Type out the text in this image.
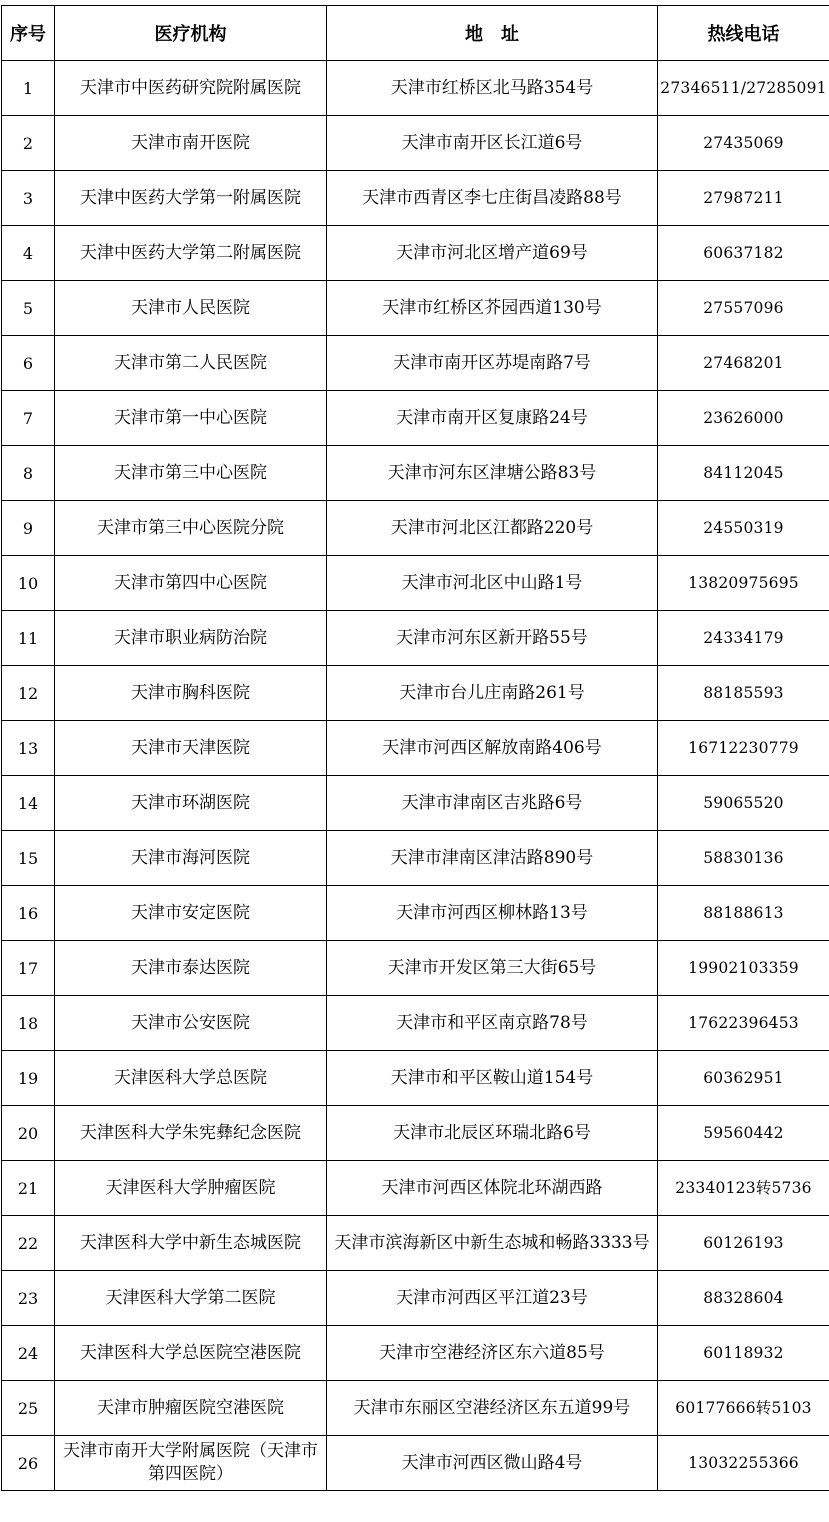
序号	医疗机构	地　址	热线电话
1	天津市中医药研究院附属医院	天津市红桥区北马路354号	27346511/27285091
2	天津市南开医院	天津市南开区长江道6号	27435069
3	天津中医药大学第一附属医院	天津市西青区李七庄街昌凌路88号	27987211
4	天津中医药大学第二附属医院	天津市河北区增产道69号	60637182
5	天津市人民医院	天津市红桥区芥园西道130号	27557096
6	天津市第二人民医院	天津市南开区苏堤南路7号	27468201
7	天津市第一中心医院	天津市南开区复康路24号	23626000
8	天津市第三中心医院	天津市河东区津塘公路83号	84112045
9	天津市第三中心医院分院	天津市河北区江都路220号	24550319
10	天津市第四中心医院	天津市河北区中山路1号	13820975695
11	天津市职业病防治院	天津市河东区新开路55号	24334179
12	天津市胸科医院	天津市台儿庄南路261号	88185593
13	天津市天津医院	天津市河西区解放南路406号	16712230779
14	天津市环湖医院	天津市津南区吉兆路6号	59065520
15	天津市海河医院	天津市津南区津沽路890号	58830136
16	天津市安定医院	天津市河西区柳林路13号	88188613
17	天津市泰达医院	天津市开发区第三大街65号	19902103359
18	天津市公安医院	天津市和平区南京路78号	17622396453
19	天津医科大学总医院	天津市和平区鞍山道154号	60362951
20	天津医科大学朱宪彝纪念医院	天津市北辰区环瑞北路6号	59560442
21	天津医科大学肿瘤医院	天津市河西区体院北环湖西路	23340123转5736
22	天津医科大学中新生态城医院	天津市滨海新区中新生态城和畅路3333号	60126193
23	天津医科大学第二医院	天津市河西区平江道23号	88328604
24	天津医科大学总医院空港医院	天津市空港经济区东六道85号	60118932
25	天津市肿瘤医院空港医院	天津市东丽区空港经济区东五道99号	60177666转5103
26	天津市南开大学附属医院（天津市第四医院）	天津市河西区微山路4号	13032255366
